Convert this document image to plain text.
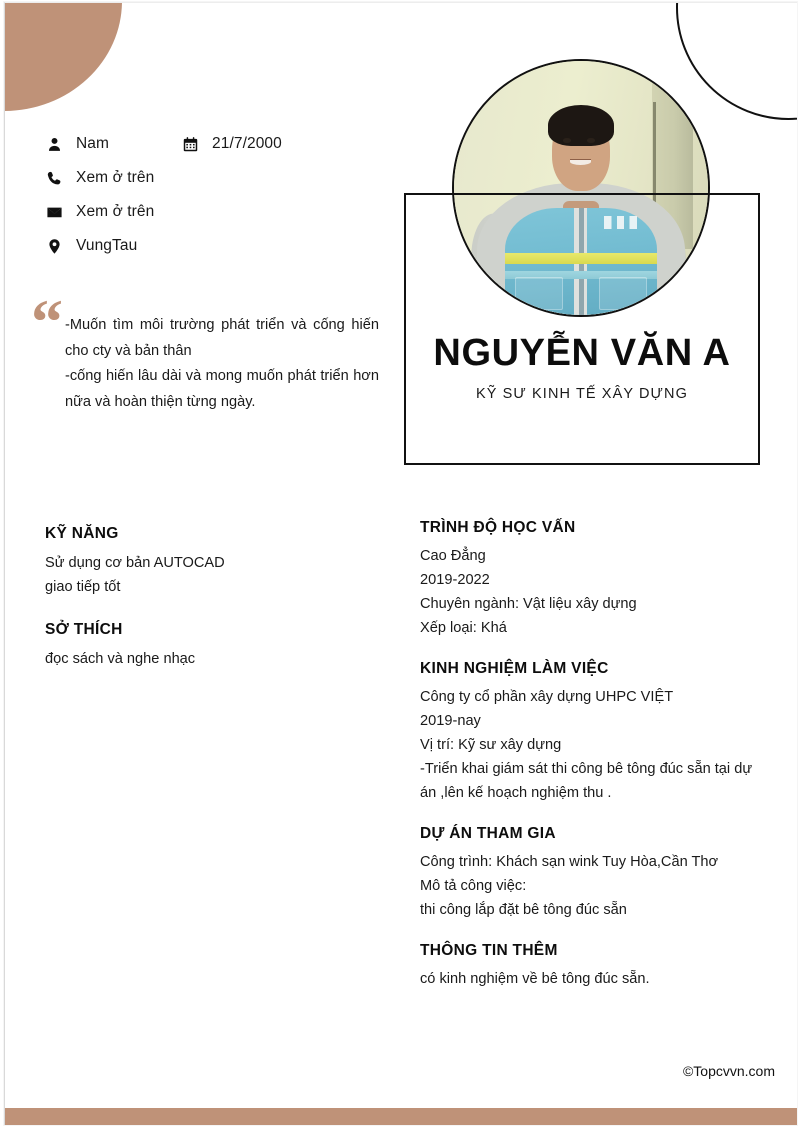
Nam	21/7/2000
Xem ở trên
Xem ở trên
VungTau
“ -Muốn tìm môi trường phát triển và cống hiến cho cty và bản thân

-cống hiến lâu dài và mong muốn phát triển hơn nữa và hoàn thiện từng ngày.

NGUYỄN VĂN A
KỸ SƯ KINH TẾ XÂY DỰNG
KỸ NĂNG
Sử dụng cơ bản AUTOCAD
giao tiếp tốt
SỞ THÍCH
đọc sách và nghe nhạc
TRÌNH ĐỘ HỌC VẤN
Cao Đẳng
2019-2022
Chuyên ngành: Vật liệu xây dựng
Xếp loại: Khá
KINH NGHIỆM LÀM VIỆC
Công ty cổ phần xây dựng UHPC VIỆT
2019-nay
Vị trí: Kỹ sư xây dựng
-Triển khai giám sát thi công bê tông đúc sẵn tại dự án ,lên kế hoạch nghiệm thu .
DỰ ÁN THAM GIA
Công trình: Khách sạn wink Tuy Hòa,Cần Thơ
Mô tả công việc:
thi công lắp đặt bê tông đúc sẵn
THÔNG TIN THÊM
có kinh nghiệm về bê tông đúc sẵn.
©Topcvvn.com
